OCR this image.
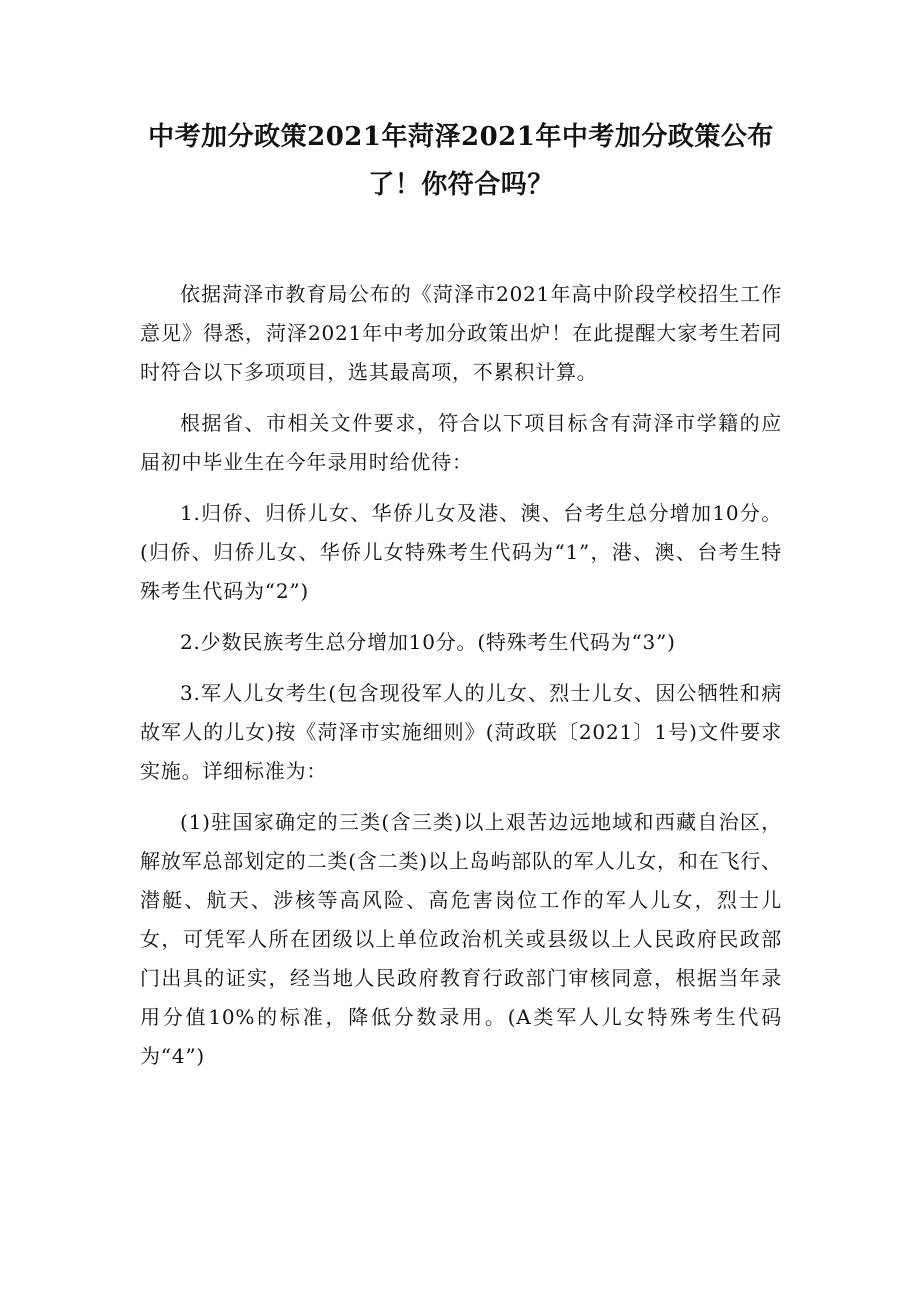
中考加分政策2021年菏泽2021年中考加分政策公布
了！你符合吗？

依据菏泽市教育局公布的《菏泽市2021年高中阶段学校招生工作意见》得悉，菏泽2021年中考加分政策出炉！在此提醒大家考生若同时符合以下多项项目，选其最高项，不累积计算。

根据省、市相关文件要求，符合以下项目标含有菏泽市学籍的应届初中毕业生在今年录用时给优待：

1.归侨、归侨儿女、华侨儿女及港、澳、台考生总分增加10分。(归侨、归侨儿女、华侨儿女特殊考生代码为“1”，港、澳、台考生特殊考生代码为“2”)

2.少数民族考生总分增加10分。(特殊考生代码为“3”)

3.军人儿女考生(包含现役军人的儿女、烈士儿女、因公牺牲和病故军人的儿女)按《菏泽市实施细则》(菏政联〔2021〕1号)文件要求实施。详细标准为：

(1)驻国家确定的三类(含三类)以上艰苦边远地域和西藏自治区，解放军总部划定的二类(含二类)以上岛屿部队的军人儿女，和在飞行、潜艇、航天、涉核等高风险、高危害岗位工作的军人儿女，烈士儿女，可凭军人所在团级以上单位政治机关或县级以上人民政府民政部门出具的证实，经当地人民政府教育行政部门审核同意，根据当年录用分值10%的标准，降低分数录用。(A类军人儿女特殊考生代码为“4”)
